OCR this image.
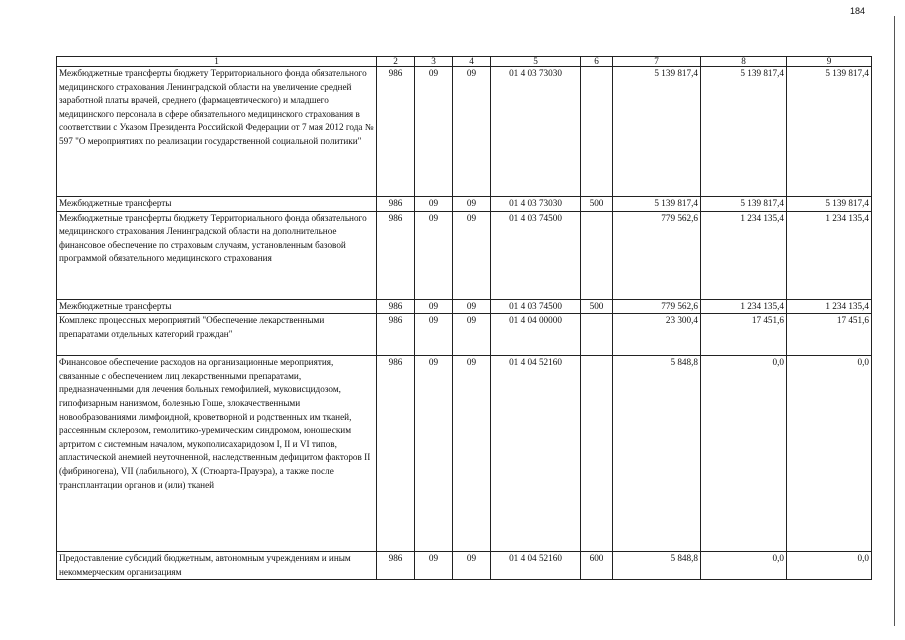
184
1	2	3	4	5	6	7	8	9
Межбюджетные трансферты бюджету Территориального фонда обязательного медицинского страхования Ленинградской области на увеличение средней заработной платы врачей, среднего (фармацевтического) и младшего медицинского персонала в сфере обязательного медицинского страхования в соответствии с Указом Президента Российской Федерации от 7 мая 2012 года № 597 "О мероприятиях по реализации государственной социальной политики"	986	09	09	01 4 03 73030		5 139 817,4	5 139 817,4	5 139 817,4
Межбюджетные трансферты	986	09	09	01 4 03 73030	500	5 139 817,4	5 139 817,4	5 139 817,4
Межбюджетные трансферты бюджету Территориального фонда обязательного медицинского страхования Ленинградской области на дополнительное финансовое обеспечение по страховым случаям, установленным базовой программой обязательного медицинского страхования	986	09	09	01 4 03 74500		779 562,6	1 234 135,4	1 234 135,4
Межбюджетные трансферты	986	09	09	01 4 03 74500	500	779 562,6	1 234 135,4	1 234 135,4
Комплекс процессных мероприятий "Обеспечение лекарственными препаратами отдельных категорий граждан"	986	09	09	01 4 04 00000		23 300,4	17 451,6	17 451,6
Финансовое обеспечение расходов на организационные мероприятия, связанные с обеспечением лиц лекарственными препаратами, предназначенными для лечения больных гемофилией, муковисцидозом, гипофизарным нанизмом, болезнью Гоше, злокачественными новообразованиями лимфоидной, кроветворной и родственных им тканей, рассеянным склерозом, гемолитико-уремическим синдромом, юношеским артритом с системным началом, мукополисахаридозом I, II и VI типов, апластической анемией неуточненной, наследственным дефицитом факторов II (фибриногена), VII (лабильного), X (Стюарта-Прауэра), а также после трансплантации органов и (или) тканей	986	09	09	01 4 04 52160		5 848,8	0,0	0,0
Предоставление субсидий бюджетным, автономным учреждениям и иным некоммерческим организациям	986	09	09	01 4 04 52160	600	5 848,8	0,0	0,0
